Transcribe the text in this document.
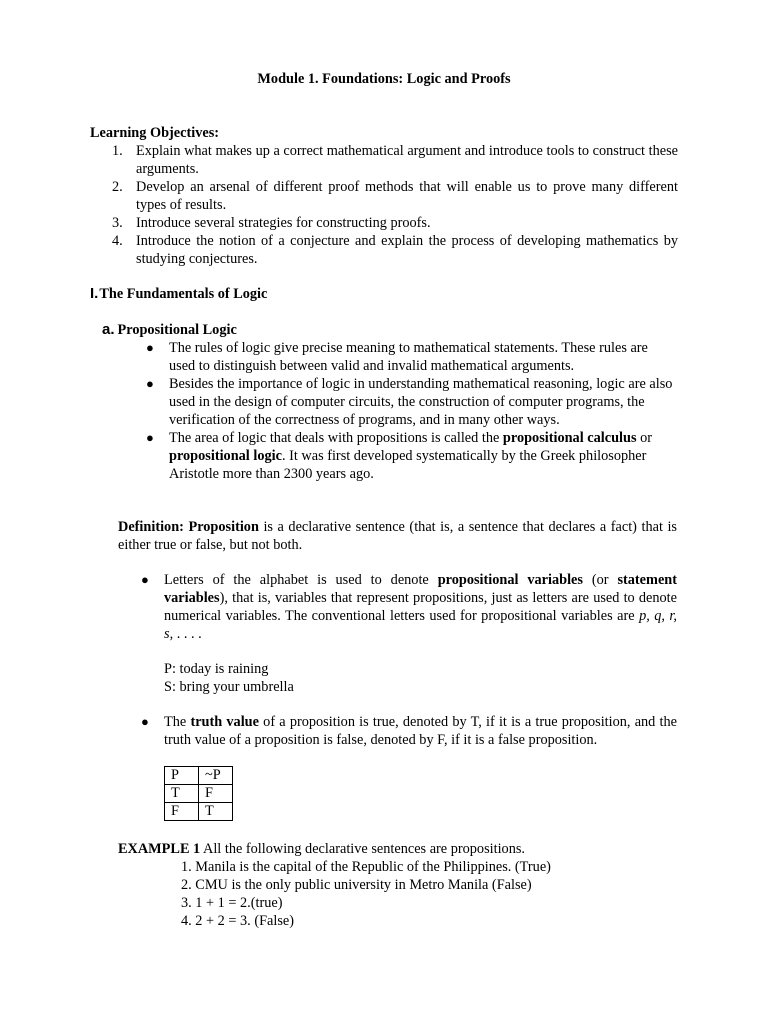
Module 1. Foundations: Logic and Proofs
Learning Objectives:
1. Explain what makes up a correct mathematical argument and introduce tools to construct these arguments.
2. Develop an arsenal of different proof methods that will enable us to prove many different types of results.
3. Introduce several strategies for constructing proofs.
4. Introduce the notion of a conjecture and explain the process of developing mathematics by studying conjectures.
I.The Fundamentals of Logic
a. Propositional Logic
● The rules of logic give precise meaning to mathematical statements. These rules are used to distinguish between valid and invalid mathematical arguments.
● Besides the importance of logic in understanding mathematical reasoning, logic are also used in the design of computer circuits, the construction of computer programs, the verification of the correctness of programs, and in many other ways.
● The area of logic that deals with propositions is called the propositional calculus or propositional logic. It was first developed systematically by the Greek philosopher Aristotle more than 2300 years ago.
Definition: Proposition is a declarative sentence (that is, a sentence that declares a fact) that is either true or false, but not both.
● Letters of the alphabet is used to denote propositional variables (or statement variables), that is, variables that represent propositions, just as letters are used to denote numerical variables. The conventional letters used for propositional variables are p, q, r, s, . . . .
P: today is raining
S: bring your umbrella
● The truth value of a proposition is true, denoted by T, if it is a true proposition, and the truth value of a proposition is false, denoted by F, if it is a false proposition.
P	~P
T	F
F	T
EXAMPLE 1 All the following declarative sentences are propositions.
1. Manila is the capital of the Republic of the Philippines. (True)
2. CMU is the only public university in Metro Manila (False)
3. 1 + 1 = 2.(true)
4. 2 + 2 = 3. (False)
